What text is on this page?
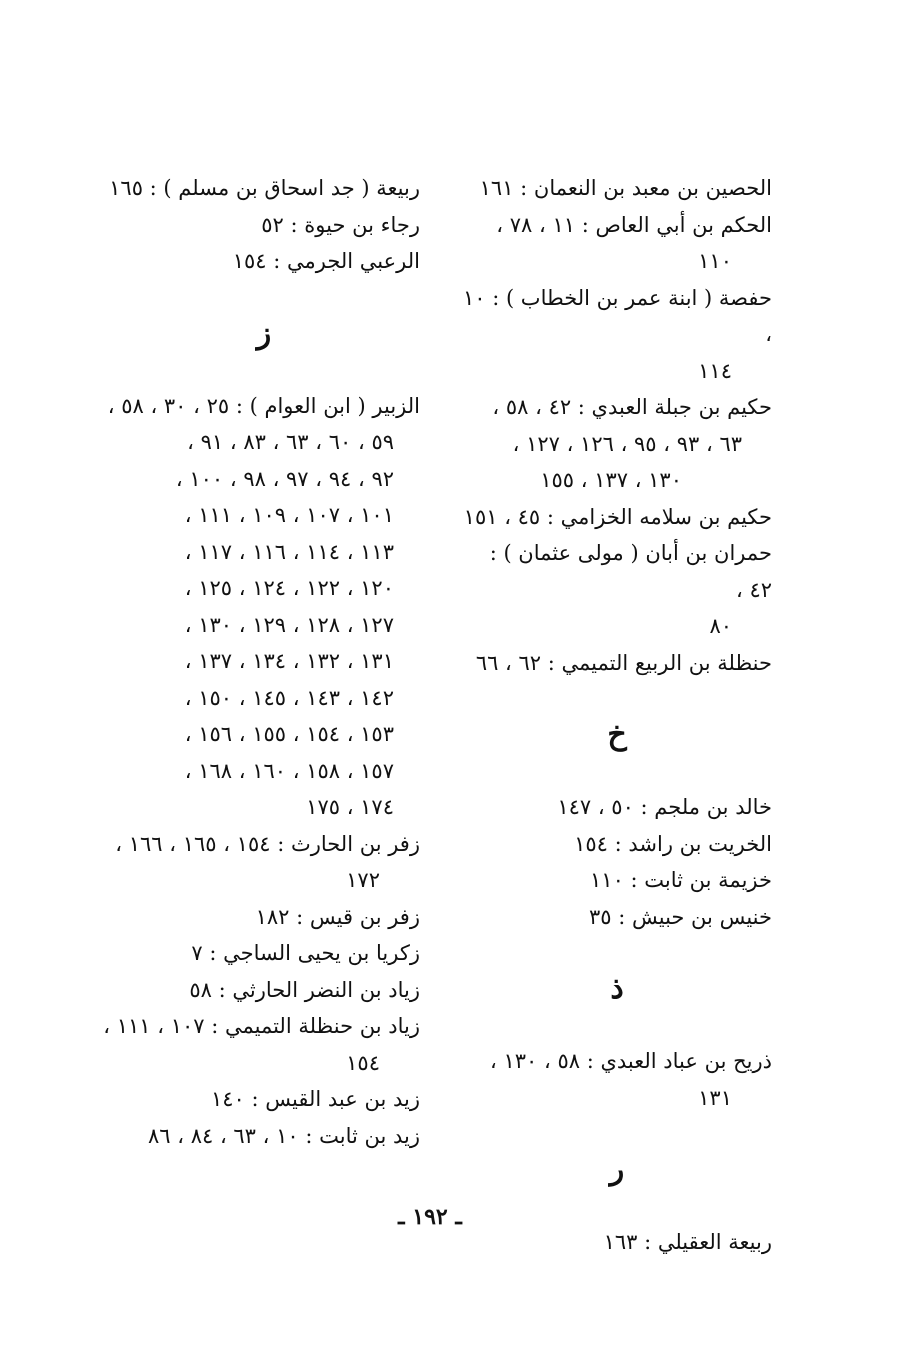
الحصين بن معبد بن النعمان : ١٦١
الحكم بن أبي العاص : ١١ ، ٧٨ ،
١١٠
حفصة ( ابنة عمر بن الخطاب ) : ١٠ ،
١١٤
حكيم بن جبلة العبدي : ٤٢ ، ٥٨ ،
٦٣ ، ٩٣ ، ٩٥ ، ١٢٦ ، ١٢٧ ،
١٣٠ ، ١٣٧ ، ١٥٥
حكيم بن سلامه الخزامي : ٤٥ ، ١٥١
حمران بن أبان ( مولى عثمان ) : ٤٢ ،
٨٠
حنظلة بن الربيع التميمي : ٦٢ ، ٦٦
خ
خالد بن ملجم : ٥٠ ، ١٤٧
الخريت بن راشد : ١٥٤
خزيمة بن ثابت : ١١٠
خنيس بن حبيش : ٣٥
ذ
ذريح بن عباد العبدي : ٥٨ ، ١٣٠ ،
١٣١
ر
ربيعة العقيلي : ١٦٣
ربيعة ( جد اسحاق بن مسلم ) : ١٦٥
رجاء بن حيوة : ٥٢
الرعبي الجرمي : ١٥٤
ز
الزبير ( ابن العوام ) : ٢٥ ، ٣٠ ، ٥٨ ،
٥٩ ، ٦٠ ، ٦٣ ، ٨٣ ، ٩١ ،
٩٢ ، ٩٤ ، ٩٧ ، ٩٨ ، ١٠٠ ،
١٠١ ، ١٠٧ ، ١٠٩ ، ١١١ ،
١١٣ ، ١١٤ ، ١١٦ ، ١١٧ ،
١٢٠ ، ١٢٢ ، ١٢٤ ، ١٢٥ ،
١٢٧ ، ١٢٨ ، ١٢٩ ، ١٣٠ ،
١٣١ ، ١٣٢ ، ١٣٤ ، ١٣٧ ،
١٤٢ ، ١٤٣ ، ١٤٥ ، ١٥٠ ،
١٥٣ ، ١٥٤ ، ١٥٥ ، ١٥٦ ،
١٥٧ ، ١٥٨ ، ١٦٠ ، ١٦٨ ،
١٧٤ ، ١٧٥
زفر بن الحارث : ١٥٤ ، ١٦٥ ، ١٦٦ ،
١٧٢
زفر بن قيس : ١٨٢
زكريا بن يحيى الساجي : ٧
زياد بن النضر الحارثي : ٥٨
زياد بن حنظلة التميمي : ١٠٧ ، ١١١ ،
١٥٤
زيد بن عبد القيس : ١٤٠
زيد بن ثابت : ١٠ ، ٦٣ ، ٨٤ ، ٨٦
ـ ١٩٢ ـ
